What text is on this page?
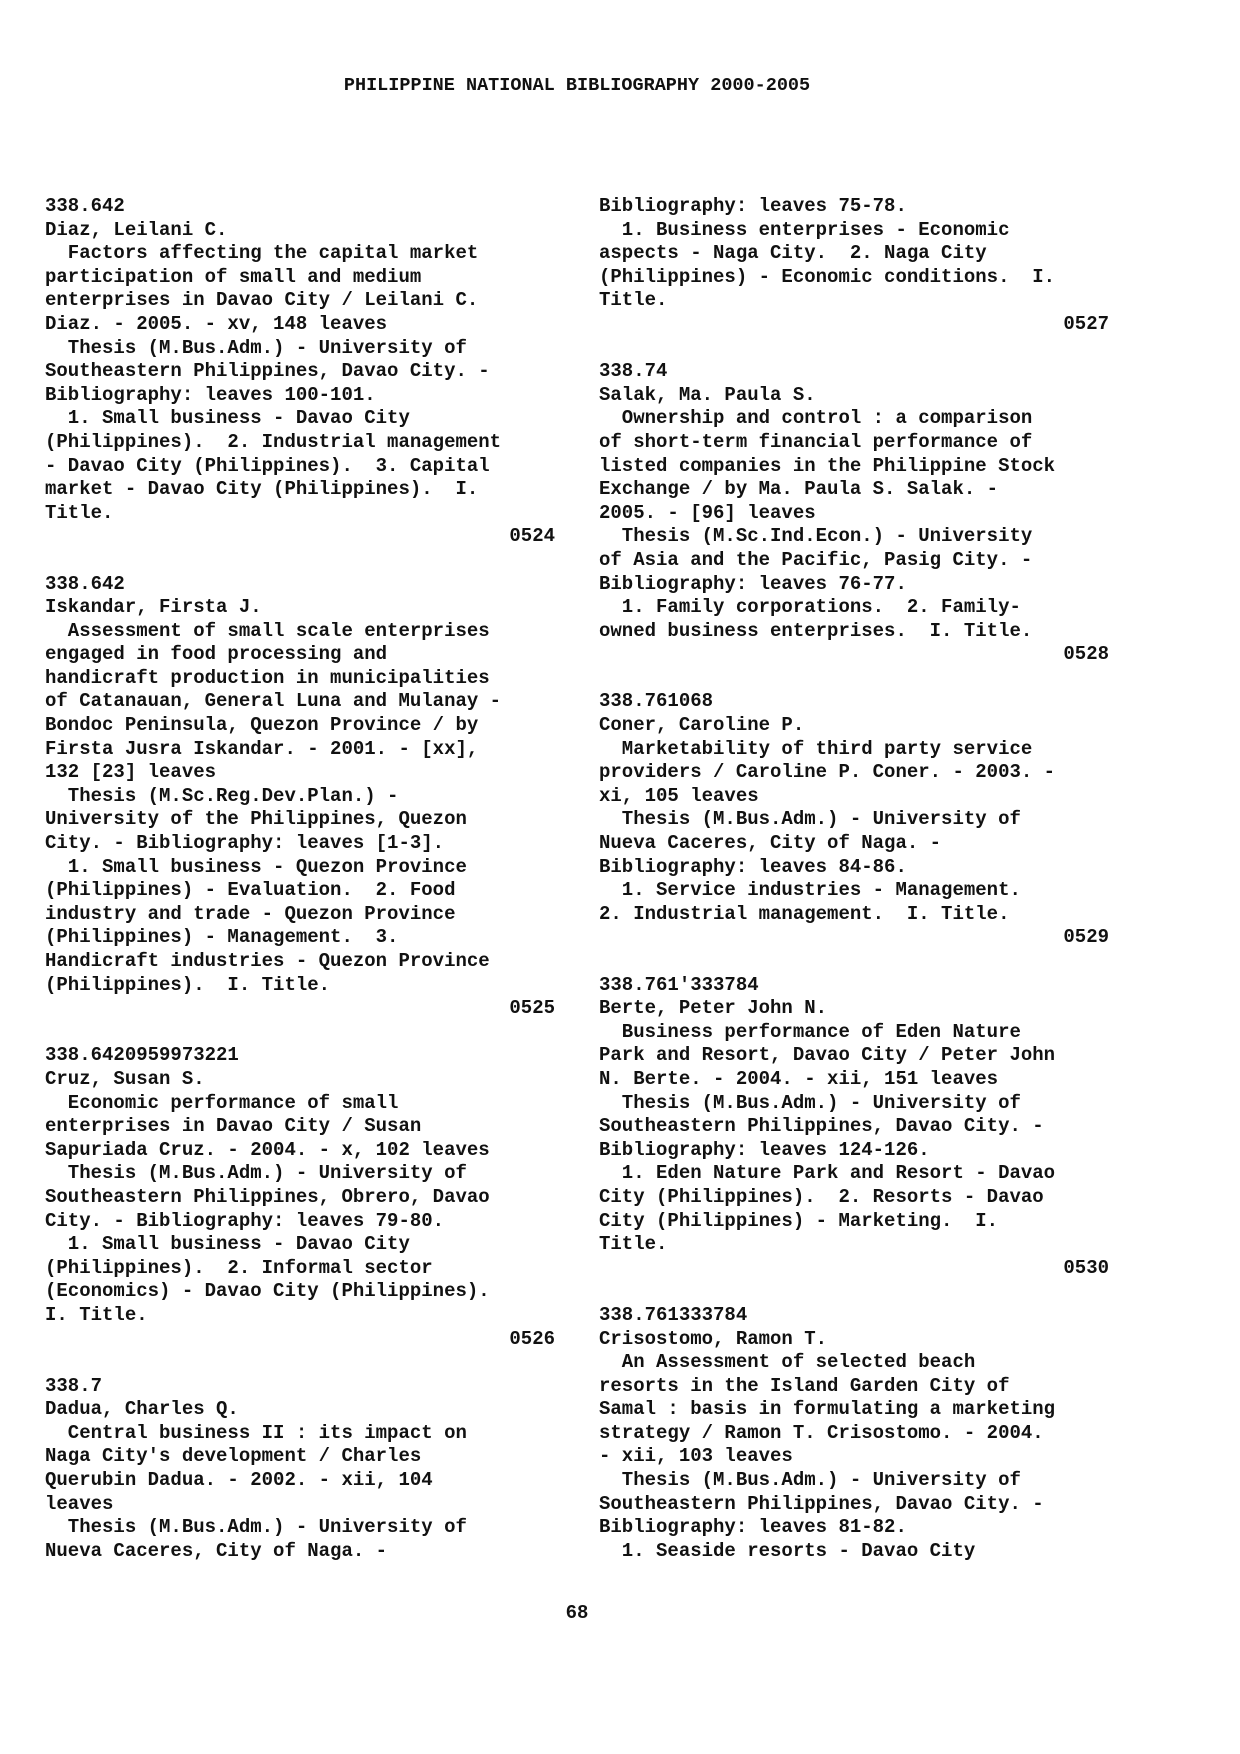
PHILIPPINE NATIONAL BIBLIOGRAPHY 2000-2005
338.642
Diaz, Leilani C.
Factors affecting the capital market
participation of small and medium
enterprises in Davao City / Leilani C.
Diaz. - 2005. - xv, 148 leaves
Thesis (M.Bus.Adm.) - University of
Southeastern Philippines, Davao City. -
Bibliography: leaves 100-101.
1. Small business - Davao City
(Philippines).  2. Industrial management
- Davao City (Philippines).  3. Capital
market - Davao City (Philippines).  I.
Title.
0524
338.642
Iskandar, Firsta J.
Assessment of small scale enterprises
engaged in food processing and
handicraft production in municipalities
of Catanauan, General Luna and Mulanay -
Bondoc Peninsula, Quezon Province / by
Firsta Jusra Iskandar. - 2001. - [xx],
132 [23] leaves
Thesis (M.Sc.Reg.Dev.Plan.) -
University of the Philippines, Quezon
City. - Bibliography: leaves [1-3].
1. Small business - Quezon Province
(Philippines) - Evaluation.  2. Food
industry and trade - Quezon Province
(Philippines) - Management.  3.
Handicraft industries - Quezon Province
(Philippines).  I. Title.
0525
338.6420959973221
Cruz, Susan S.
Economic performance of small
enterprises in Davao City / Susan
Sapuriada Cruz. - 2004. - x, 102 leaves
Thesis (M.Bus.Adm.) - University of
Southeastern Philippines, Obrero, Davao
City. - Bibliography: leaves 79-80.
1. Small business - Davao City
(Philippines).  2. Informal sector
(Economics) - Davao City (Philippines).
I. Title.
0526
338.7
Dadua, Charles Q.
Central business II : its impact on
Naga City's development / Charles
Querubin Dadua. - 2002. - xii, 104
leaves
Thesis (M.Bus.Adm.) - University of
Nueva Caceres, City of Naga. -
Bibliography: leaves 75-78.
1. Business enterprises - Economic
aspects - Naga City.  2. Naga City
(Philippines) - Economic conditions.  I.
Title.
0527
338.74
Salak, Ma. Paula S.
Ownership and control : a comparison
of short-term financial performance of
listed companies in the Philippine Stock
Exchange / by Ma. Paula S. Salak. -
2005. - [96] leaves
Thesis (M.Sc.Ind.Econ.) - University
of Asia and the Pacific, Pasig City. -
Bibliography: leaves 76-77.
1. Family corporations.  2. Family-
owned business enterprises.  I. Title.
0528
338.761068
Coner, Caroline P.
Marketability of third party service
providers / Caroline P. Coner. - 2003. -
xi, 105 leaves
Thesis (M.Bus.Adm.) - University of
Nueva Caceres, City of Naga. -
Bibliography: leaves 84-86.
1. Service industries - Management.
2. Industrial management.  I. Title.
0529
338.761'333784
Berte, Peter John N.
Business performance of Eden Nature
Park and Resort, Davao City / Peter John
N. Berte. - 2004. - xii, 151 leaves
Thesis (M.Bus.Adm.) - University of
Southeastern Philippines, Davao City. -
Bibliography: leaves 124-126.
1. Eden Nature Park and Resort - Davao
City (Philippines).  2. Resorts - Davao
City (Philippines) - Marketing.  I.
Title.
0530
338.761333784
Crisostomo, Ramon T.
An Assessment of selected beach
resorts in the Island Garden City of
Samal : basis in formulating a marketing
strategy / Ramon T. Crisostomo. - 2004.
- xii, 103 leaves
Thesis (M.Bus.Adm.) - University of
Southeastern Philippines, Davao City. -
Bibliography: leaves 81-82.
1. Seaside resorts - Davao City
68
